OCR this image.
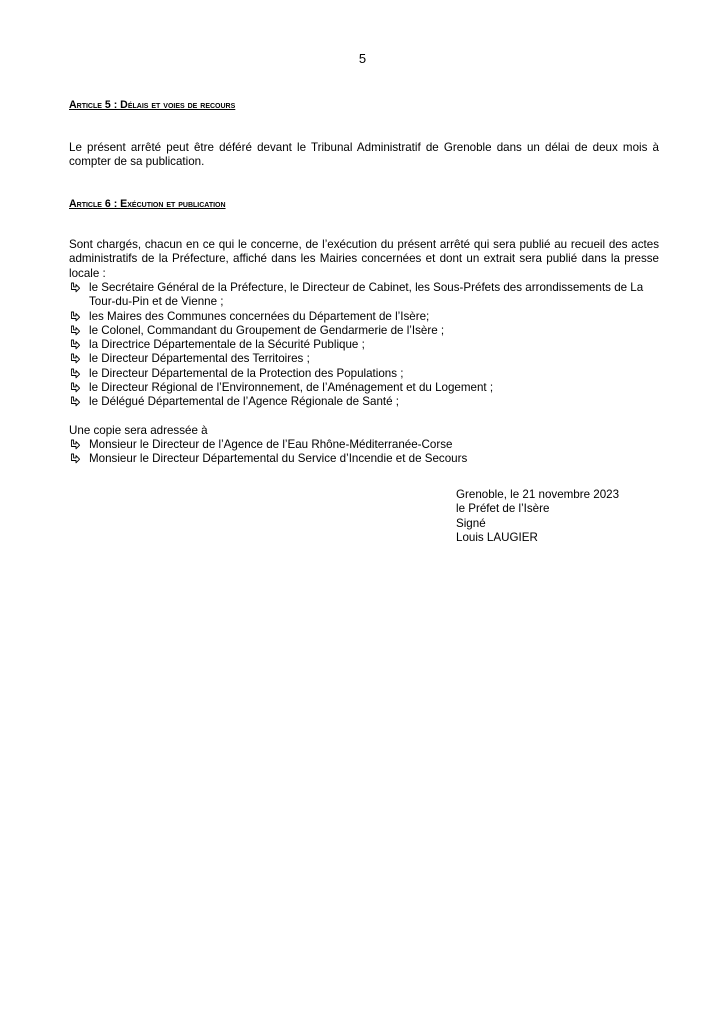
5
Article 5 : Délais et voies de recours
Le présent arrêté peut être déféré devant le Tribunal Administratif de Grenoble dans un délai de deux mois à compter de sa publication.
Article 6 : Exécution et publication
Sont chargés, chacun en ce qui le concerne, de l’exécution du présent arrêté qui sera publié au recueil des actes administratifs de la Préfecture, affiché dans les Mairies concernées et dont un extrait sera publié dans la presse locale :
le Secrétaire Général de la Préfecture, le Directeur de Cabinet, les Sous-Préfets des arrondissements de La Tour-du-Pin et de Vienne ;
les Maires des Communes concernées du Département de l’Isère;
le Colonel, Commandant du Groupement de Gendarmerie de l’Isère ;
la Directrice Départementale de la Sécurité Publique ;
le Directeur Départemental des Territoires ;
le Directeur Départemental de la Protection des Populations ;
le Directeur Régional de l’Environnement, de l’Aménagement et du Logement ;
le Délégué Départemental de l’Agence Régionale de Santé ;
Une copie sera adressée à
Monsieur le Directeur de l’Agence de l’Eau Rhône-Méditerranée-Corse
Monsieur le Directeur Départemental du Service d’Incendie et de Secours
Grenoble, le 21 novembre 2023
le Préfet de l’Isère
Signé
Louis LAUGIER
